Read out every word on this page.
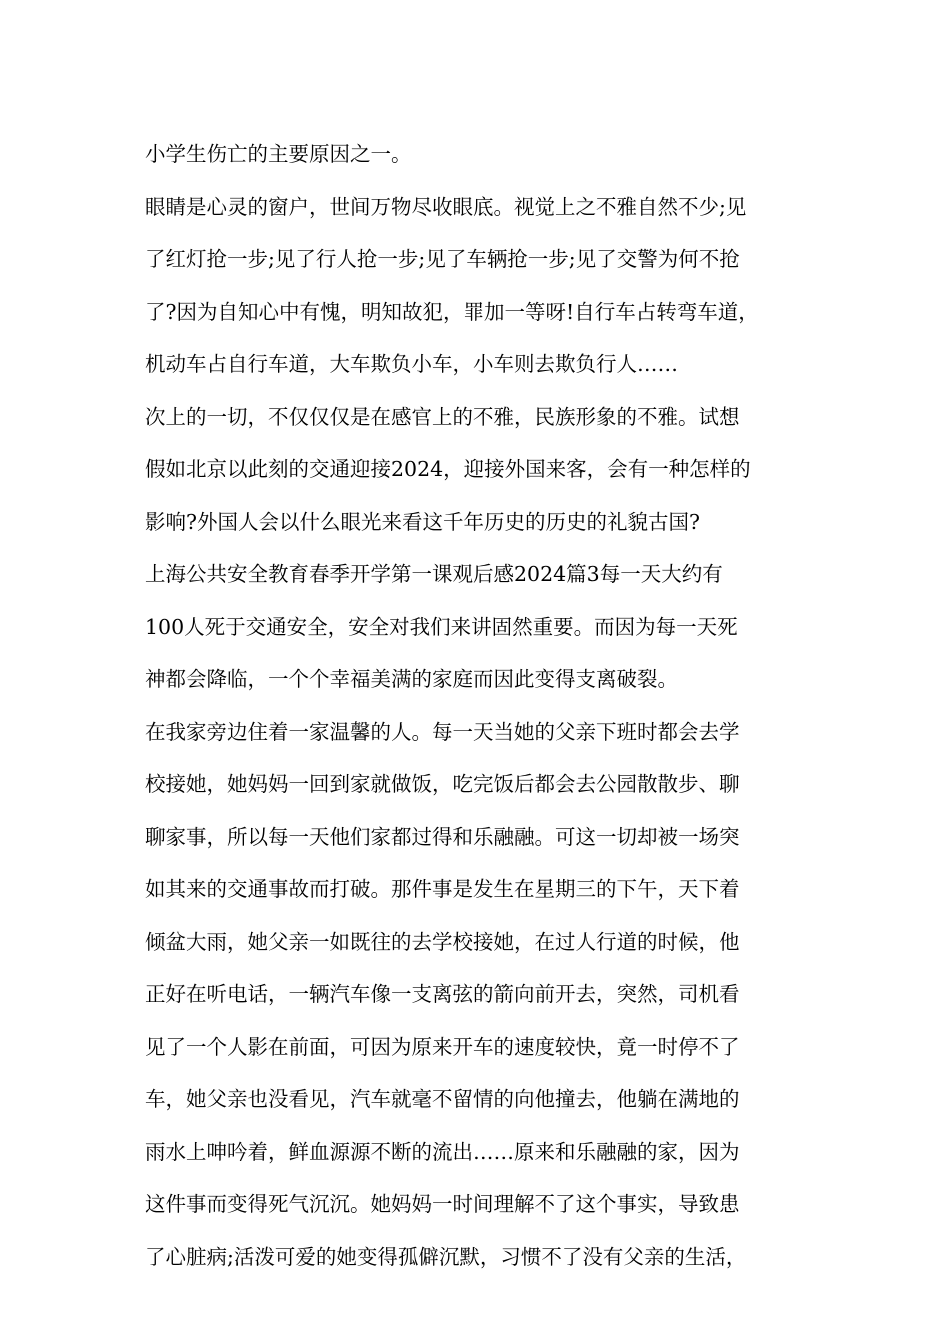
小学生伤亡的主要原因之一。
眼睛是心灵的窗户，世间万物尽收眼底。视觉上之不雅自然不少;见
了红灯抢一步;见了行人抢一步;见了车辆抢一步;见了交警为何不抢
了?因为自知心中有愧，明知故犯，罪加一等呀!自行车占转弯车道，
机动车占自行车道，大车欺负小车，小车则去欺负行人……
次上的一切，不仅仅仅是在感官上的不雅，民族形象的不雅。试想
假如北京以此刻的交通迎接2024，迎接外国来客，会有一种怎样的
影响?外国人会以什么眼光来看这千年历史的历史的礼貌古国?
上海公共安全教育春季开学第一课观后感2024篇3每一天大约有
100人死于交通安全，安全对我们来讲固然重要。而因为每一天死
神都会降临，一个个幸福美满的家庭而因此变得支离破裂。
在我家旁边住着一家温馨的人。每一天当她的父亲下班时都会去学
校接她，她妈妈一回到家就做饭，吃完饭后都会去公园散散步、聊
聊家事，所以每一天他们家都过得和乐融融。可这一切却被一场突
如其来的交通事故而打破。那件事是发生在星期三的下午，天下着
倾盆大雨，她父亲一如既往的去学校接她，在过人行道的时候，他
正好在听电话，一辆汽车像一支离弦的箭向前开去，突然，司机看
见了一个人影在前面，可因为原来开车的速度较快，竟一时停不了
车，她父亲也没看见，汽车就毫不留情的向他撞去，他躺在满地的
雨水上呻吟着，鲜血源源不断的流出……原来和乐融融的家，因为
这件事而变得死气沉沉。她妈妈一时间理解不了这个事实，导致患
了心脏病;活泼可爱的她变得孤僻沉默，习惯不了没有父亲的生活，
